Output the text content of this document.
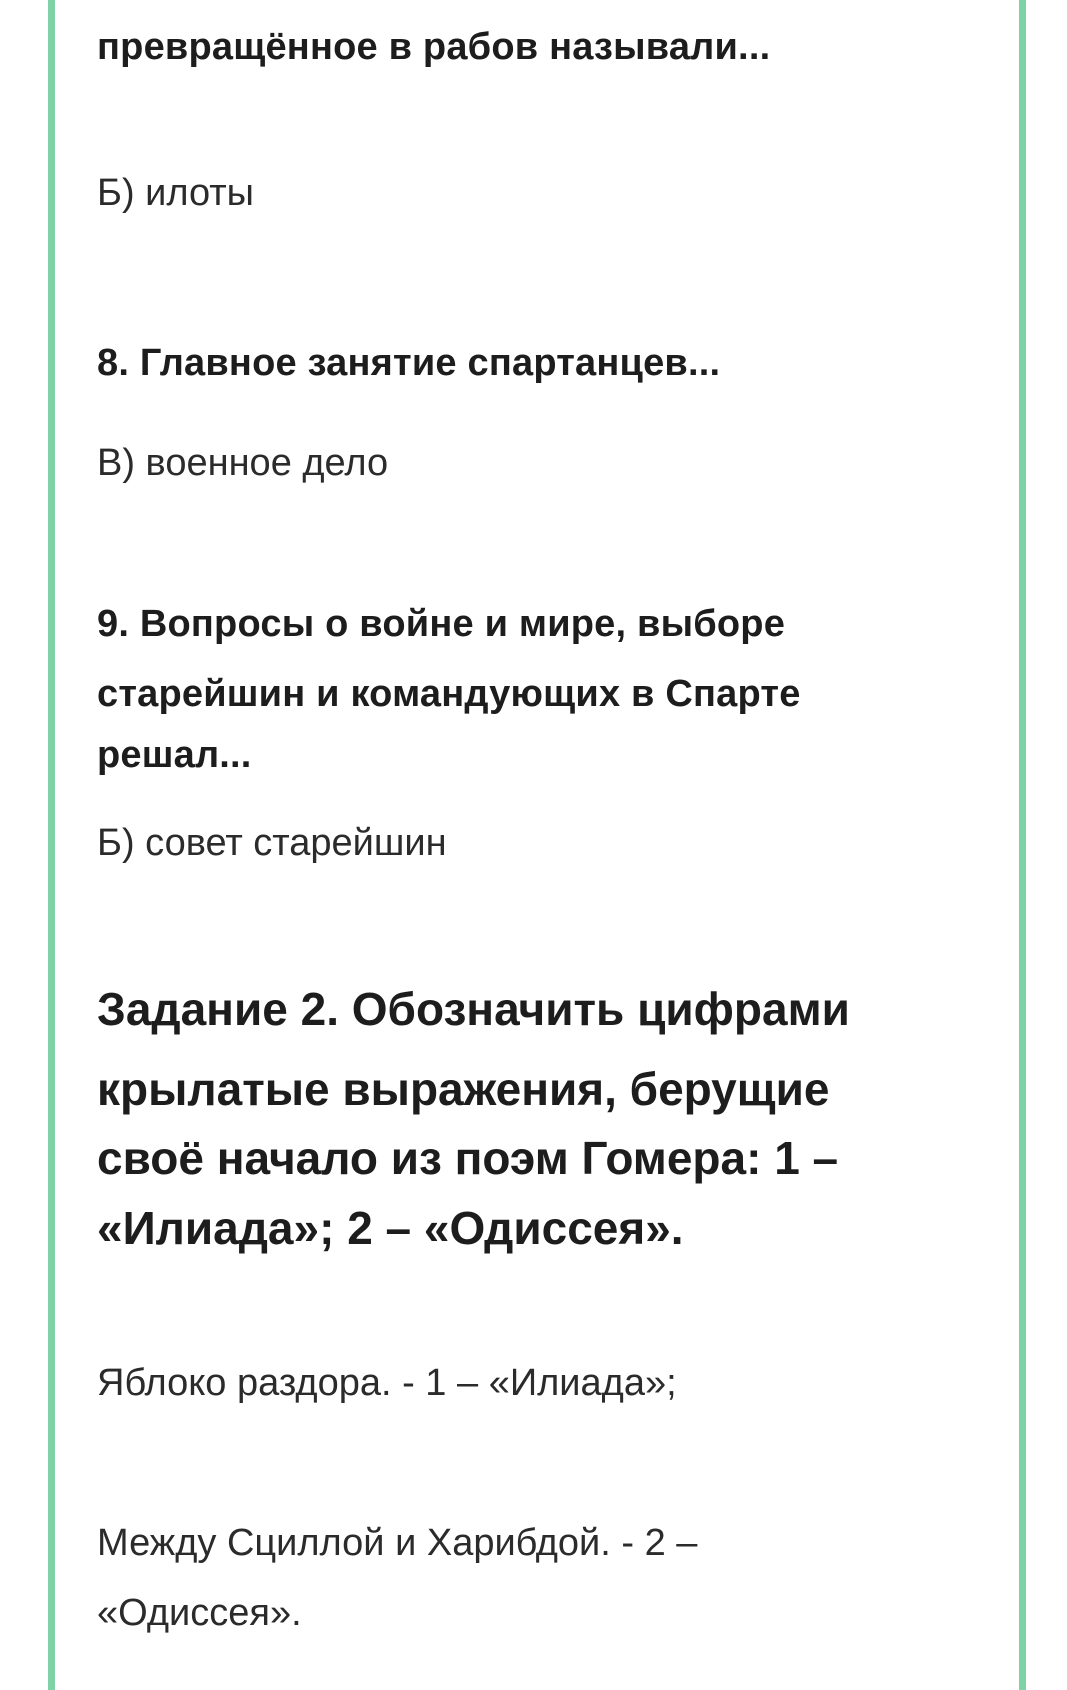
превращённое в рабов называли...

Б) илоты

8. Главное занятие спартанцев...

В) военное дело

9. Вопросы о войне и мире, выборе

старейшин и командующих в Спарте

решал...

Б) совет старейшин

Задание 2. Обозначить цифрами

крылатые выражения, берущие

своё начало из поэм Гомера: 1 –

«Илиада»; 2 – «Одиссея».

Яблоко раздора. - 1 – «Илиада»;

Между Сциллой и Харибдой. - 2 –

«Одиссея».
